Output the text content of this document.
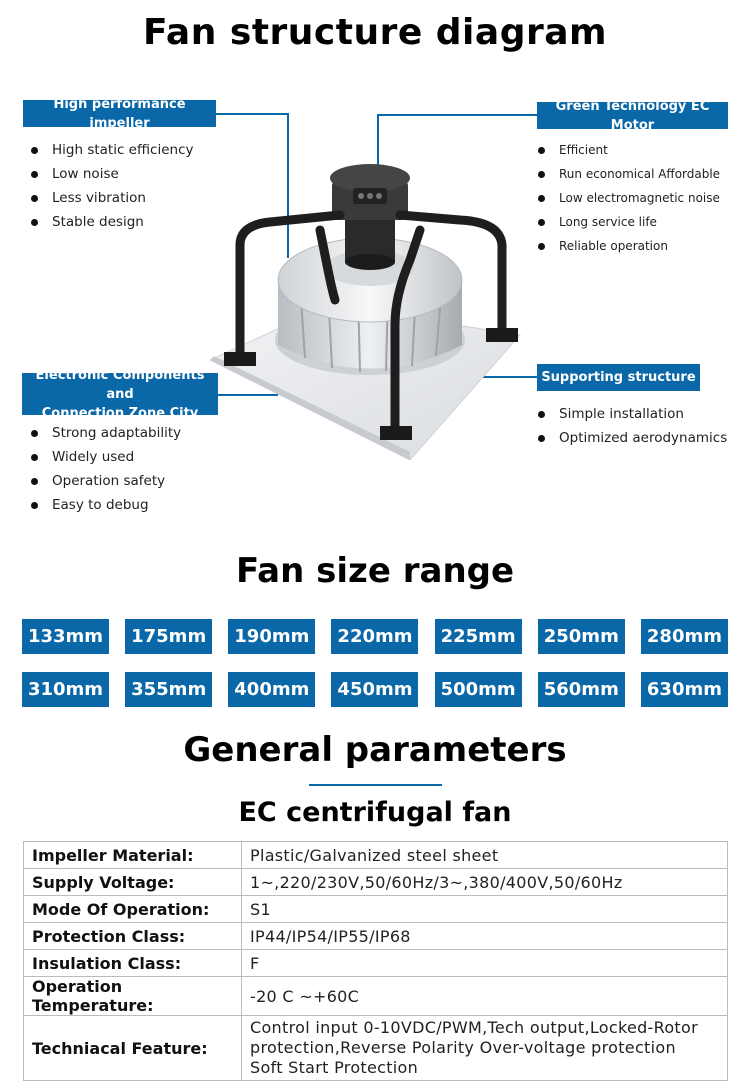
Fan structure diagram
High performance impeller
High static efficiency
Low noise
Less vibration
Stable design
Green Technology EC Motor
Efficient
Run economical Affordable
Low electromagnetic noise
Long service life
Reliable operation
Electronic Components and
Connection Zone City
Strong adaptability
Widely used
Operation safety
Easy to debug
Supporting structure
Simple installation
Optimized aerodynamics
Fan size range
133mm	175mm	190mm	220mm	225mm	250mm	280mm
310mm	355mm	400mm	450mm	500mm	560mm	630mm
General parameters
EC centrifugal fan
Impeller Material:	Plastic/Galvanized steel sheet
Supply Voltage:	1~,220/230V,50/60Hz/3~,380/400V,50/60Hz
Mode Of Operation:	S1
Protection Class:	IP44/IP54/IP55/IP68
Insulation Class:	F
Operation Temperature:	-20 C ~+60C
Techniacal Feature:	Control input 0-10VDC/PWM,Tech output,Locked-Rotor
protection,Reverse Polarity Over-voltage protection
Soft Start Protection
